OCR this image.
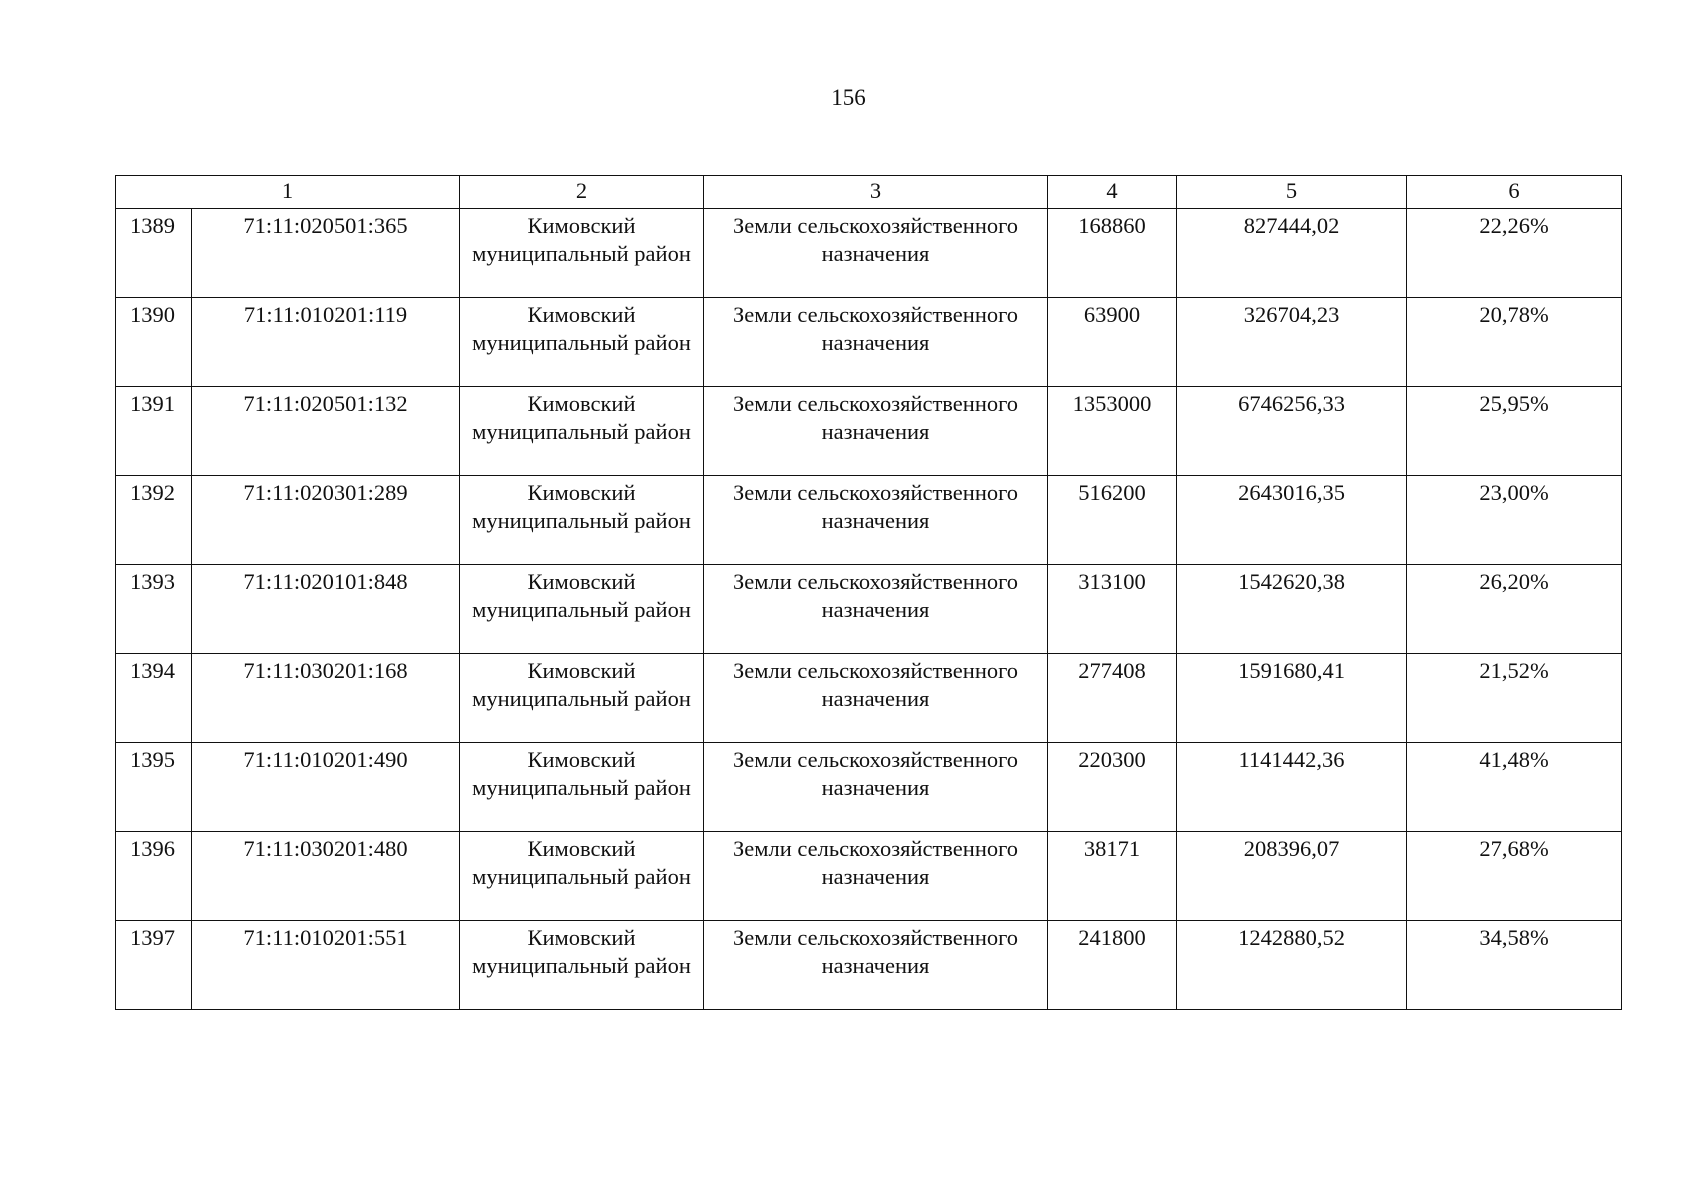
156
1		2	3	4	5	6
1389	71:11:020501:365	Кимовский муниципальный район	Земли сельскохозяйственного назначения	168860	827444,02	22,26%
1390	71:11:010201:119	Кимовский муниципальный район	Земли сельскохозяйственного назначения	63900	326704,23	20,78%
1391	71:11:020501:132	Кимовский муниципальный район	Земли сельскохозяйственного назначения	1353000	6746256,33	25,95%
1392	71:11:020301:289	Кимовский муниципальный район	Земли сельскохозяйственного назначения	516200	2643016,35	23,00%
1393	71:11:020101:848	Кимовский муниципальный район	Земли сельскохозяйственного назначения	313100	1542620,38	26,20%
1394	71:11:030201:168	Кимовский муниципальный район	Земли сельскохозяйственного назначения	277408	1591680,41	21,52%
1395	71:11:010201:490	Кимовский муниципальный район	Земли сельскохозяйственного назначения	220300	1141442,36	41,48%
1396	71:11:030201:480	Кимовский муниципальный район	Земли сельскохозяйственного назначения	38171	208396,07	27,68%
1397	71:11:010201:551	Кимовский муниципальный район	Земли сельскохозяйственного назначения	241800	1242880,52	34,58%
